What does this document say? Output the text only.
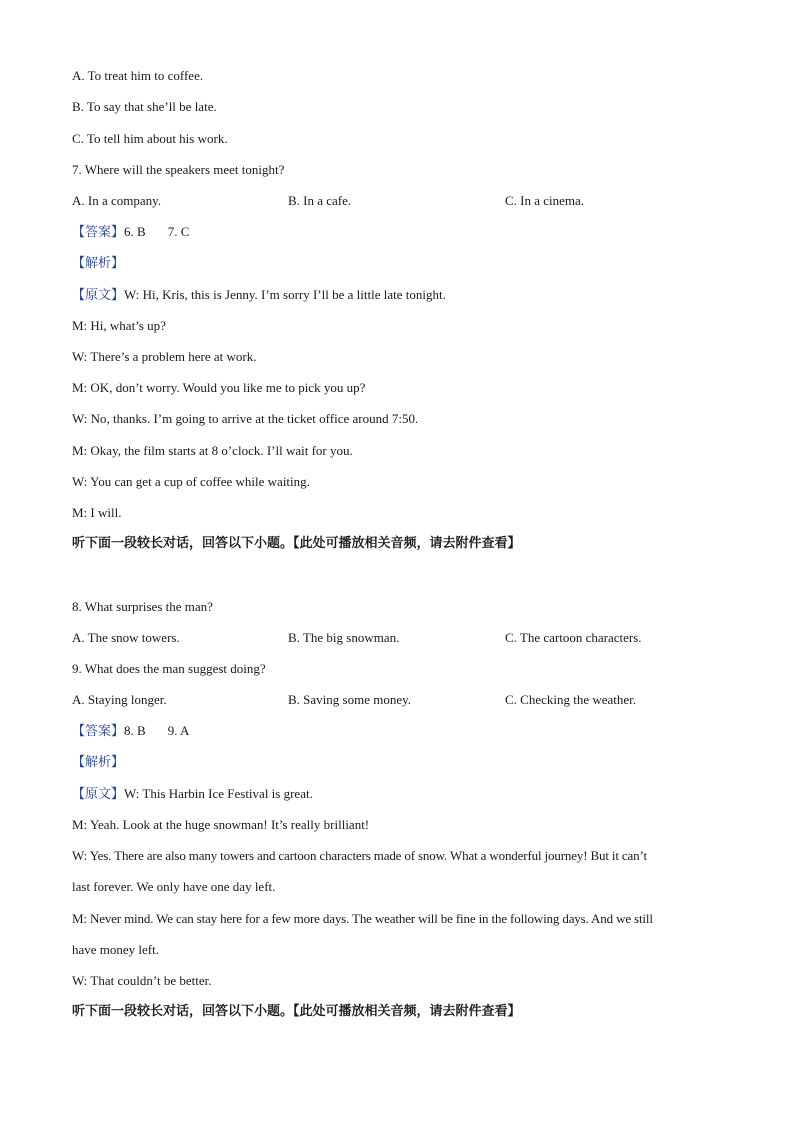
A. To treat him to coffee.
B. To say that she’ll be late.
C. To tell him about his work.
7. Where will the speakers meet tonight?
A. In a company.	B. In a cafe.	C. In a cinema.
【答案】6. B 7. C
【解析】
【原文】W: Hi, Kris, this is Jenny. I’m sorry I’ll be a little late tonight.
M: Hi, what’s up?
W: There’s a problem here at work.
M: OK, don’t worry. Would you like me to pick you up?
W: No, thanks. I’m going to arrive at the ticket office around 7:50.
M: Okay, the film starts at 8 o’clock. I’ll wait for you.
W: You can get a cup of coffee while waiting.
M: I will.
听下面一段较长对话，回答以下小题。【此处可播放相关音频，请去附件查看】
8. What surprises the man?
A. The snow towers.	B. The big snowman.	C. The cartoon characters.
9. What does the man suggest doing?
A. Staying longer.	B. Saving some money.	C. Checking the weather.
【答案】8. B 9. A
【解析】
【原文】W: This Harbin Ice Festival is great.
M: Yeah. Look at the huge snowman! It’s really brilliant!
W: Yes. There are also many towers and cartoon characters made of snow. What a wonderful journey! But it can’t
last forever. We only have one day left.
M: Never mind. We can stay here for a few more days. The weather will be fine in the following days. And we still
have money left.
W: That couldn’t be better.
听下面一段较长对话，回答以下小题。【此处可播放相关音频，请去附件查看】
